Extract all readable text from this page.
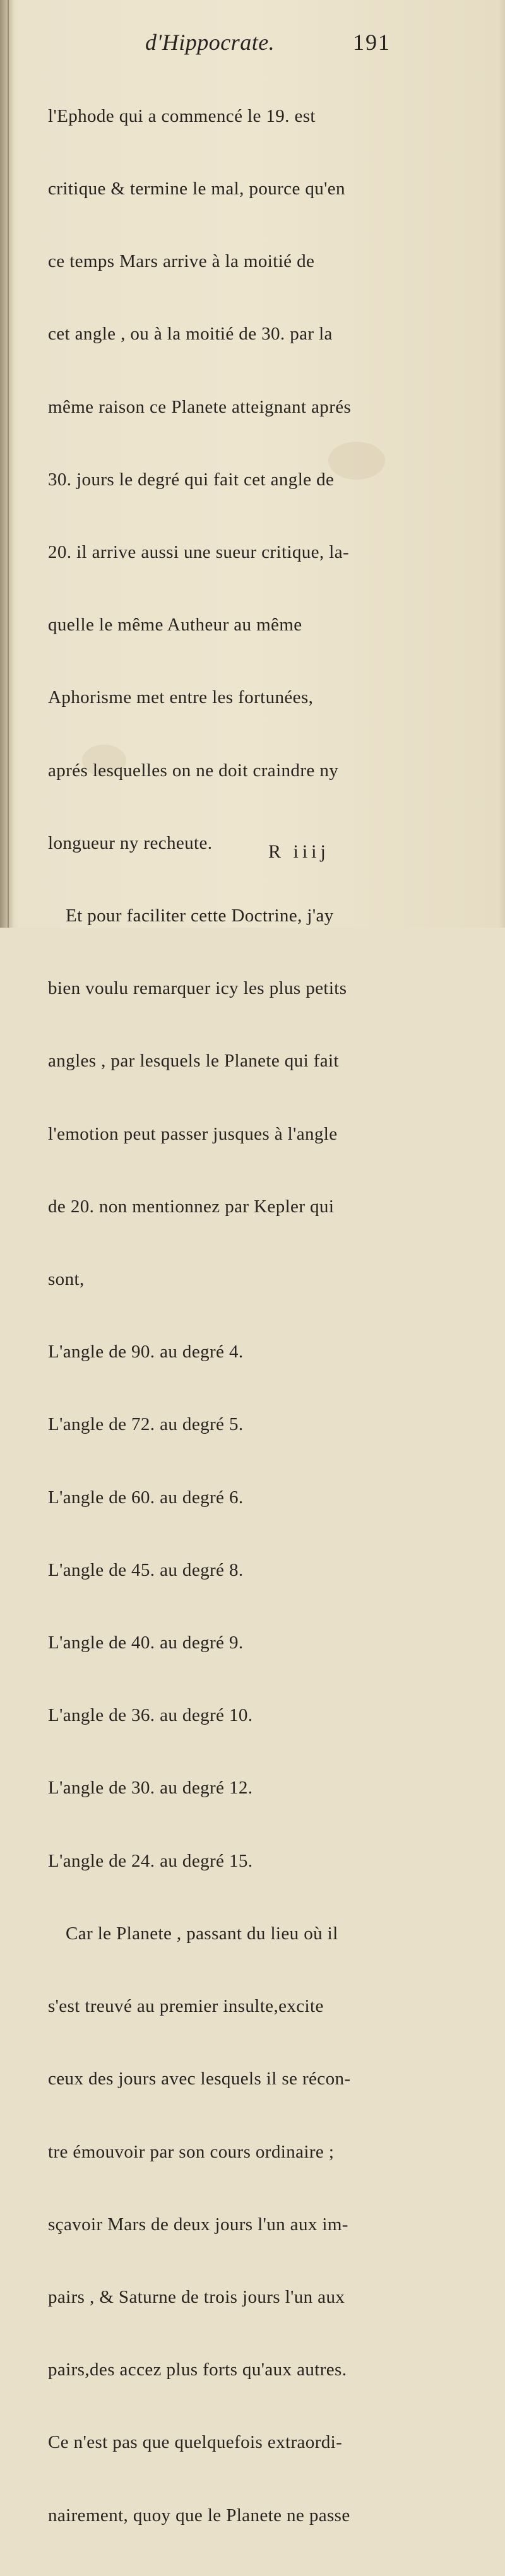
d'Hippocrate.	191

l'Ephode qui a commencé le 19. est

critique & termine le mal, pource qu'en

ce temps Mars arrive à la moitié de

cet angle , ou à la moitié de 30. par la

même raison ce Planete atteignant aprés

30. jours le degré qui fait cet angle de

20. il arrive aussi une sueur critique, la-

quelle le même Autheur au même

Aphorisme met entre les fortunées,

aprés lesquelles on ne doit craindre ny

longueur ny recheute.

Et pour faciliter cette Doctrine, j'ay

bien voulu remarquer icy les plus petits

angles , par lesquels le Planete qui fait

l'emotion peut passer jusques à l'angle

de 20. non mentionnez par Kepler qui

sont,

L'angle de 90. au degré 4.

L'angle de 72. au degré 5.

L'angle de 60. au degré 6.

L'angle de 45. au degré 8.

L'angle de 40. au degré 9.

L'angle de 36. au degré 10.

L'angle de 30. au degré 12.

L'angle de 24. au degré 15.

Car le Planete , passant du lieu où il

s'est treuvé au premier insulte,excite

ceux des jours avec lesquels il se récon-

tre émouvoir par son cours ordinaire ;

sçavoir Mars de deux jours l'un aux im-

pairs , & Saturne de trois jours l'un aux

pairs,des accez plus forts qu'aux autres.

Ce n'est pas que quelquefois extraordi-

nairement, quoy que le Planete ne passe

R iiij
